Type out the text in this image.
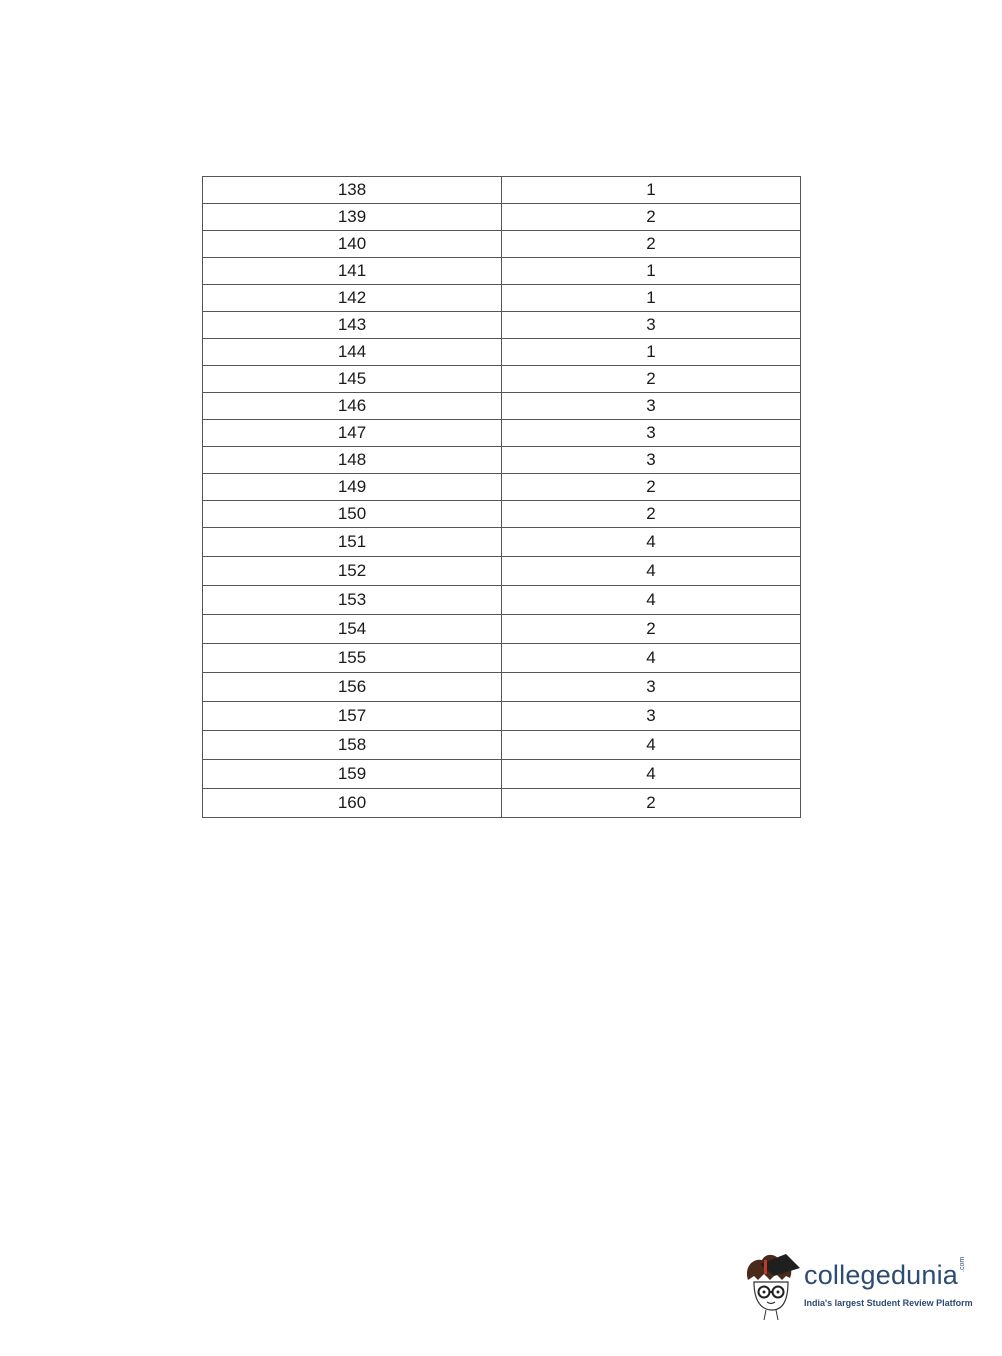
138	1
139	2
140	2
141	1
142	1
143	3
144	1
145	2
146	3
147	3
148	3
149	2
150	2
151	4
152	4
153	4
154	2
155	4
156	3
157	3
158	4
159	4
160	2
collegedunia .com
India's largest Student Review Platform
